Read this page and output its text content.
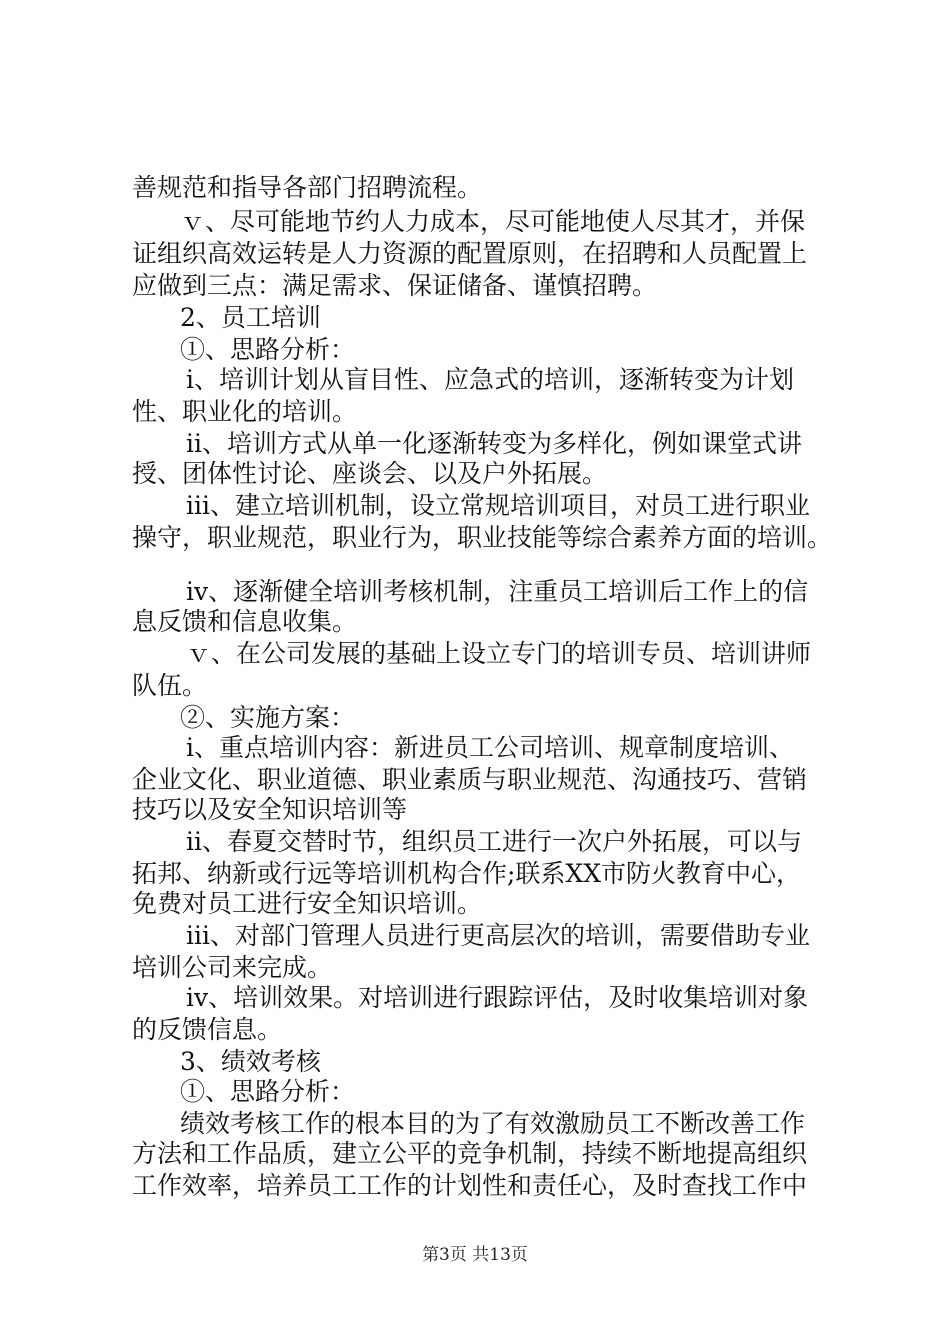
善规范和指导各部门招聘流程。
ｖ、尽可能地节约人力成本，尽可能地使人尽其才，并保
证组织高效运转是人力资源的配置原则，在招聘和人员配置上
应做到三点：满足需求、保证储备、谨慎招聘。
2、员工培训
①、思路分析：
ⅰ、培训计划从盲目性、应急式的培训，逐渐转变为计划
性、职业化的培训。
ⅱ、培训方式从单一化逐渐转变为多样化，例如课堂式讲
授、团体性讨论、座谈会、以及户外拓展。
ⅲ、建立培训机制，设立常规培训项目，对员工进行职业
操守，职业规范，职业行为，职业技能等综合素养方面的培训。
ⅳ、逐渐健全培训考核机制，注重员工培训后工作上的信
息反馈和信息收集。
ｖ、在公司发展的基础上设立专门的培训专员、培训讲师
队伍。
②、实施方案：
ⅰ、重点培训内容：新进员工公司培训、规章制度培训、
企业文化、职业道德、职业素质与职业规范、沟通技巧、营销
技巧以及安全知识培训等
ⅱ、春夏交替时节，组织员工进行一次户外拓展，可以与
拓邦、纳新或行远等培训机构合作;联系XX市防火教育中心，
免费对员工进行安全知识培训。
ⅲ、对部门管理人员进行更高层次的培训，需要借助专业
培训公司来完成。
ⅳ、培训效果。对培训进行跟踪评估，及时收集培训对象
的反馈信息。
3、绩效考核
①、思路分析：
绩效考核工作的根本目的为了有效激励员工不断改善工作
方法和工作品质，建立公平的竞争机制，持续不断地提高组织
工作效率，培养员工工作的计划性和责任心，及时查找工作中
第3页 共13页
